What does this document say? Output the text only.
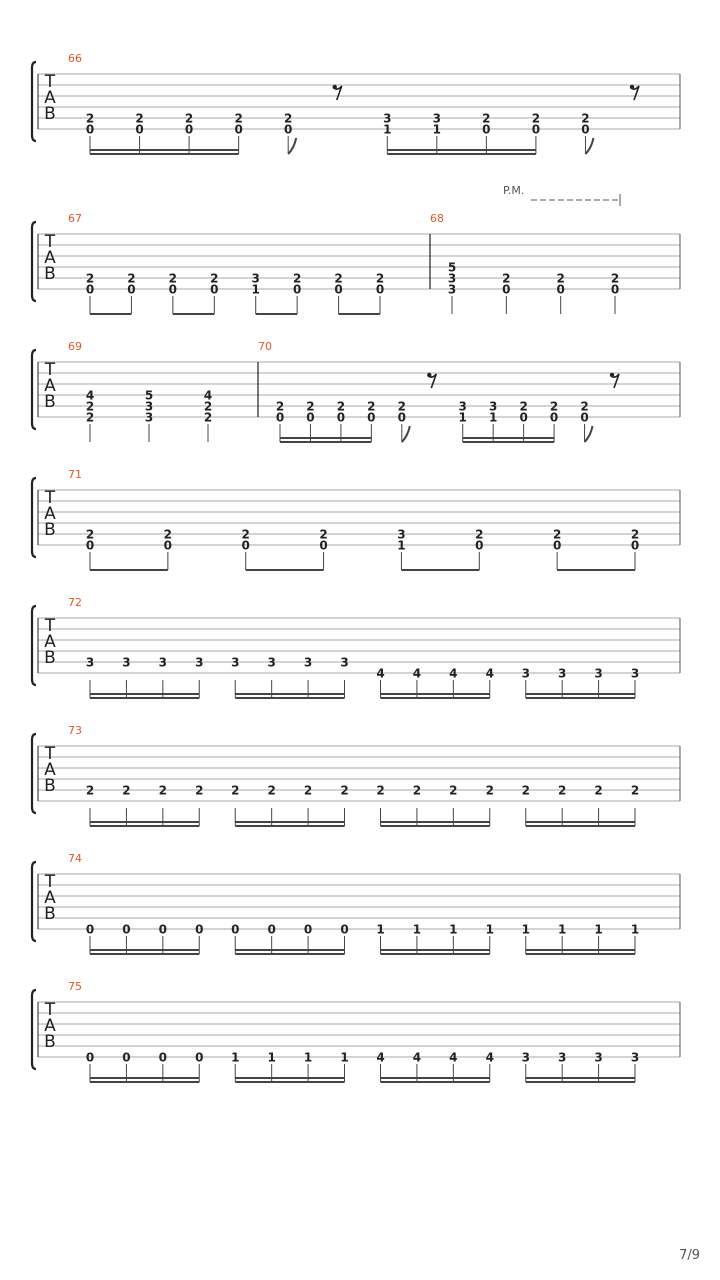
T
A
B
66
2
0
2
0
2
0
2
0
2
0
3
1
3
1
2
0
2
0
2
0
T
A
B
P.M.
67
2
0
2
0
2
0
2
0
3
1
2
0
2
0
2
0
68
5
3
3
2
0
2
0
2
0
T
A
B
69
4
2
2
5
3
3
4
2
2
70
2
0
2
0
2
0
2
0
2
0
3
1
3
1
2
0
2
0
2
0
T
A
B
71
2
0
2
0
2
0
2
0
3
1
2
0
2
0
2
0
T
A
B
72
3 3 3 3 3 3 3 3
4 4 4 4 3 3 3 3
T
A
B
73
2 2 2 2 2 2 2 2 2 2 2 2 2 2 2 2
T
A
B
74
0 0 0 0 0 0 0 0 1 1 1 1 1 1 1 1
T
A
B
75
0 0 0 0 1 1 1 1 4 4 4 4 3 3 3 3
7/9
